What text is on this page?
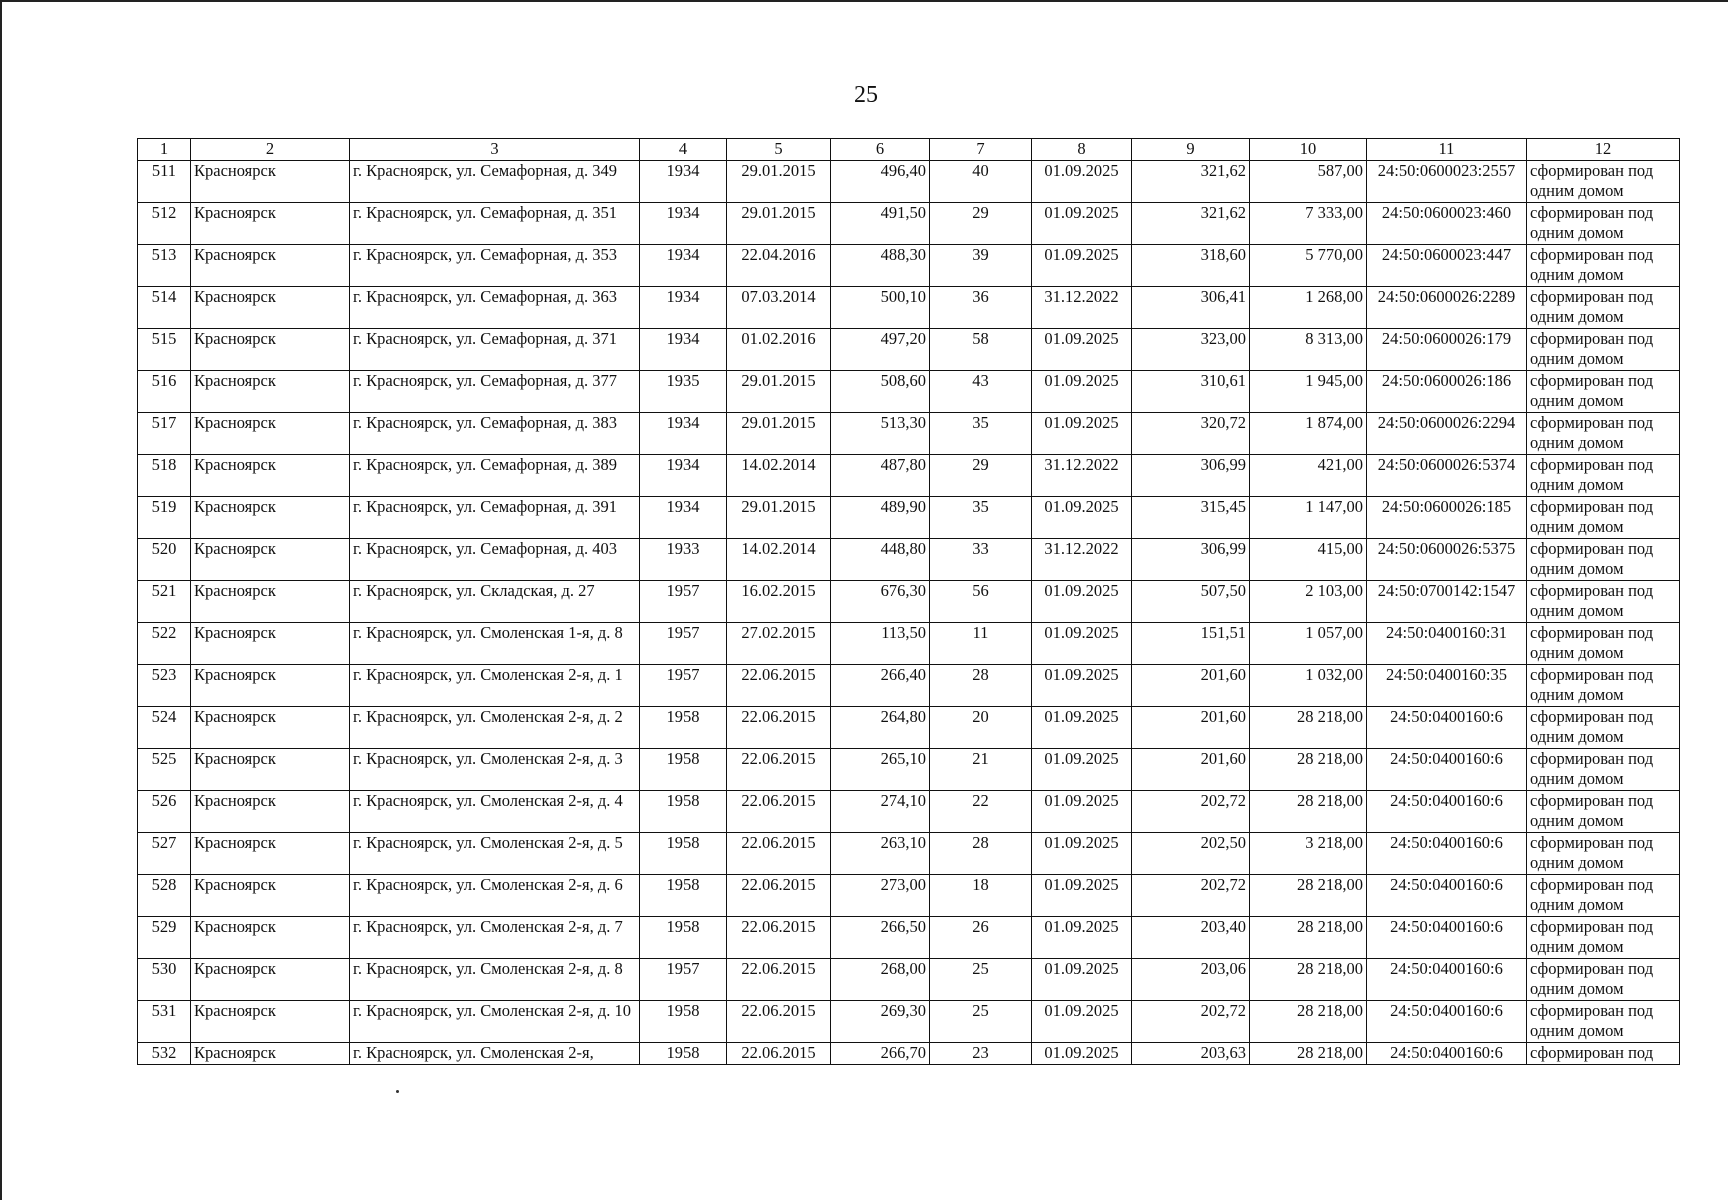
25
1	2	3	4	5	6	7	8	9	10	11	12
511	Красноярск	г. Красноярск, ул. Семафорная, д. 349	1934	29.01.2015	496,40	40	01.09.2025	321,62	587,00	24:50:0600023:2557	сформирован под одним домом
512	Красноярск	г. Красноярск, ул. Семафорная, д. 351	1934	29.01.2015	491,50	29	01.09.2025	321,62	7 333,00	24:50:0600023:460	сформирован под одним домом
513	Красноярск	г. Красноярск, ул. Семафорная, д. 353	1934	22.04.2016	488,30	39	01.09.2025	318,60	5 770,00	24:50:0600023:447	сформирован под одним домом
514	Красноярск	г. Красноярск, ул. Семафорная, д. 363	1934	07.03.2014	500,10	36	31.12.2022	306,41	1 268,00	24:50:0600026:2289	сформирован под одним домом
515	Красноярск	г. Красноярск, ул. Семафорная, д. 371	1934	01.02.2016	497,20	58	01.09.2025	323,00	8 313,00	24:50:0600026:179	сформирован под одним домом
516	Красноярск	г. Красноярск, ул. Семафорная, д. 377	1935	29.01.2015	508,60	43	01.09.2025	310,61	1 945,00	24:50:0600026:186	сформирован под одним домом
517	Красноярск	г. Красноярск, ул. Семафорная, д. 383	1934	29.01.2015	513,30	35	01.09.2025	320,72	1 874,00	24:50:0600026:2294	сформирован под одним домом
518	Красноярск	г. Красноярск, ул. Семафорная, д. 389	1934	14.02.2014	487,80	29	31.12.2022	306,99	421,00	24:50:0600026:5374	сформирован под одним домом
519	Красноярск	г. Красноярск, ул. Семафорная, д. 391	1934	29.01.2015	489,90	35	01.09.2025	315,45	1 147,00	24:50:0600026:185	сформирован под одним домом
520	Красноярск	г. Красноярск, ул. Семафорная, д. 403	1933	14.02.2014	448,80	33	31.12.2022	306,99	415,00	24:50:0600026:5375	сформирован под одним домом
521	Красноярск	г. Красноярск, ул. Складская, д. 27	1957	16.02.2015	676,30	56	01.09.2025	507,50	2 103,00	24:50:0700142:1547	сформирован под одним домом
522	Красноярск	г. Красноярск, ул. Смоленская 1-я, д. 8	1957	27.02.2015	113,50	11	01.09.2025	151,51	1 057,00	24:50:0400160:31	сформирован под одним домом
523	Красноярск	г. Красноярск, ул. Смоленская 2-я, д. 1	1957	22.06.2015	266,40	28	01.09.2025	201,60	1 032,00	24:50:0400160:35	сформирован под одним домом
524	Красноярск	г. Красноярск, ул. Смоленская 2-я, д. 2	1958	22.06.2015	264,80	20	01.09.2025	201,60	28 218,00	24:50:0400160:6	сформирован под одним домом
525	Красноярск	г. Красноярск, ул. Смоленская 2-я, д. 3	1958	22.06.2015	265,10	21	01.09.2025	201,60	28 218,00	24:50:0400160:6	сформирован под одним домом
526	Красноярск	г. Красноярск, ул. Смоленская 2-я, д. 4	1958	22.06.2015	274,10	22	01.09.2025	202,72	28 218,00	24:50:0400160:6	сформирован под одним домом
527	Красноярск	г. Красноярск, ул. Смоленская 2-я, д. 5	1958	22.06.2015	263,10	28	01.09.2025	202,50	3 218,00	24:50:0400160:6	сформирован под одним домом
528	Красноярск	г. Красноярск, ул. Смоленская 2-я, д. 6	1958	22.06.2015	273,00	18	01.09.2025	202,72	28 218,00	24:50:0400160:6	сформирован под одним домом
529	Красноярск	г. Красноярск, ул. Смоленская 2-я, д. 7	1958	22.06.2015	266,50	26	01.09.2025	203,40	28 218,00	24:50:0400160:6	сформирован под одним домом
530	Красноярск	г. Красноярск, ул. Смоленская 2-я, д. 8	1957	22.06.2015	268,00	25	01.09.2025	203,06	28 218,00	24:50:0400160:6	сформирован под одним домом
531	Красноярск	г. Красноярск, ул. Смоленская 2-я, д. 10	1958	22.06.2015	269,30	25	01.09.2025	202,72	28 218,00	24:50:0400160:6	сформирован под одним домом
532	Красноярск	г. Красноярск, ул. Смоленская 2-я,	1958	22.06.2015	266,70	23	01.09.2025	203,63	28 218,00	24:50:0400160:6	сформирован под
